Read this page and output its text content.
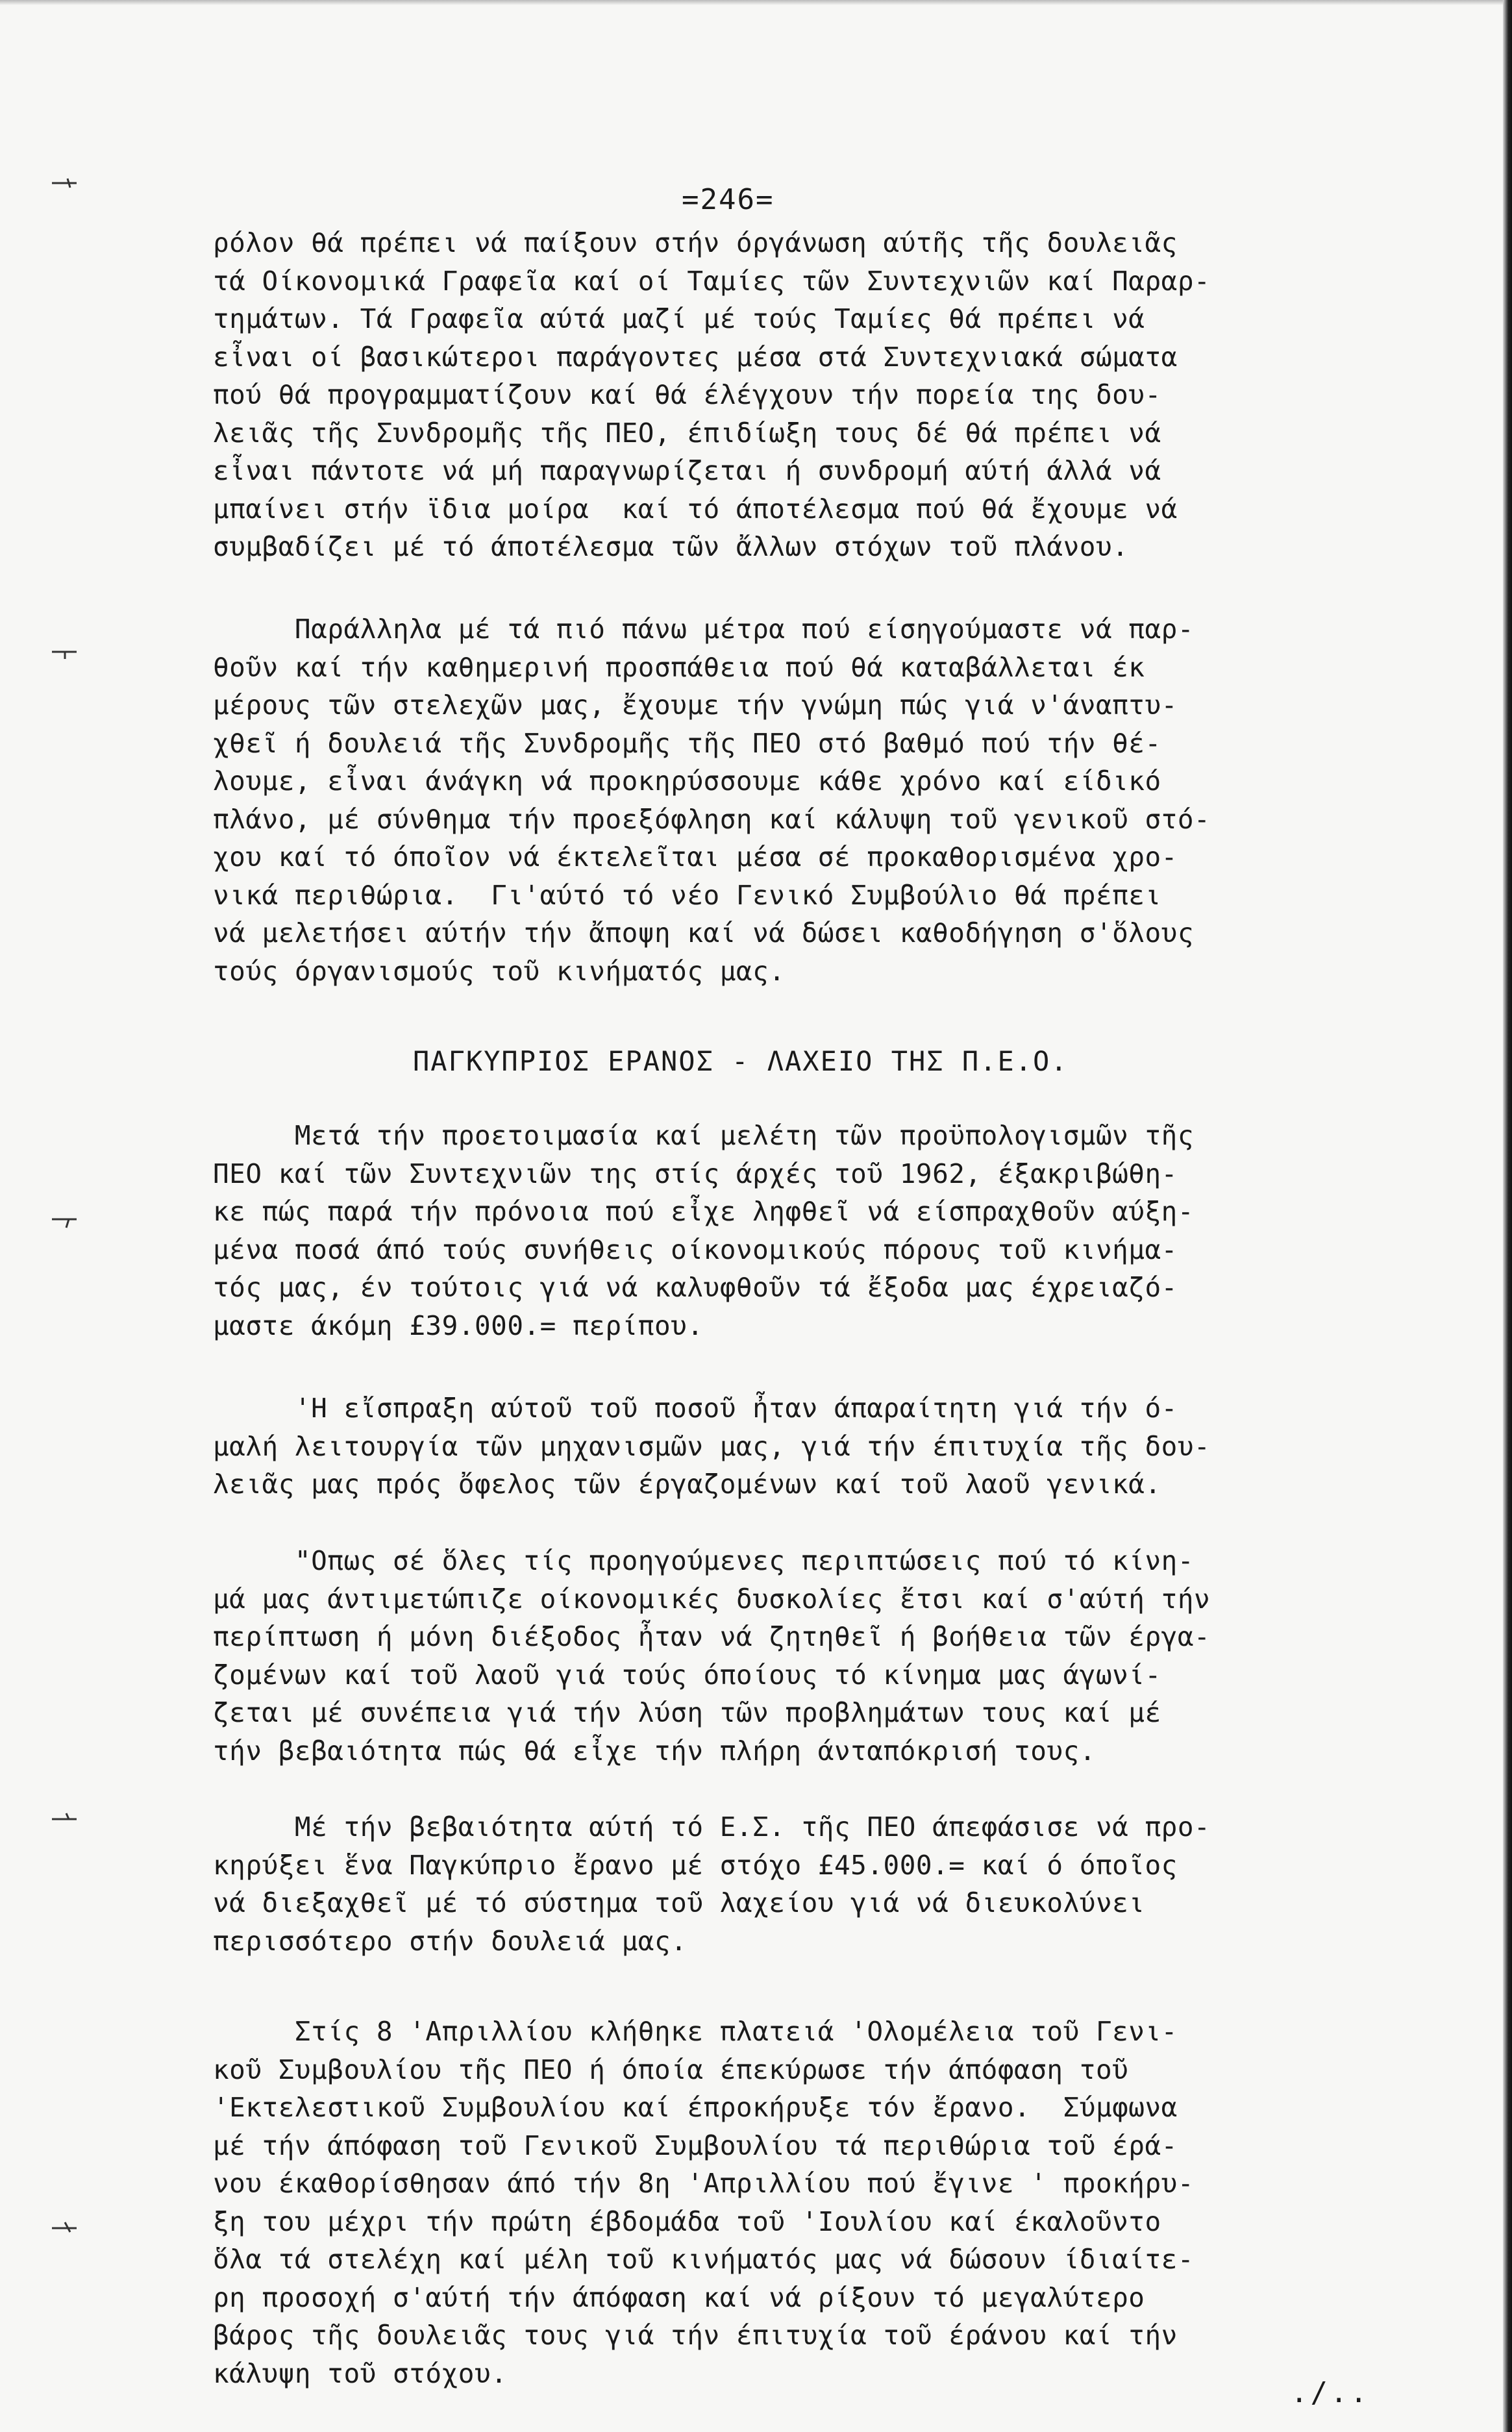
=246=

ρόλον θά πρέπει νά παίξουν στήν όργάνωση αύτῆς τῆς δουλειᾶς

τά Οίκονομικά Γραφεῖα καί οί Ταμίες τῶν Συντεχνιῶν καί Παραρ-

τημάτων. Τά Γραφεῖα αύτά μαζί μέ τούς Ταμίες θά πρέπει νά

εἶναι οί βασικώτεροι παράγοντες μέσα στά Συντεχνιακά σώματα

πού θά προγραμματίζουν καί θά έλέγχουν τήν πορεία της δου-

λειᾶς τῆς Συνδρομῆς τῆς ΠΕΟ, έπιδίωξη τους δέ θά πρέπει νά

εἶναι πάντοτε νά μή παραγνωρίζεται ή συνδρομή αύτή άλλά νά

μπαίνει στήν ϊδια μοίρα  καί τό άποτέλεσμα πού θά ἔχουμε νά

συμβαδίζει μέ τό άποτέλεσμα τῶν ἄλλων στόχων τοῦ πλάνου.

Παράλληλα μέ τά πιό πάνω μέτρα πού είσηγούμαστε νά παρ-

θοῦν καί τήν καθημερινή προσπάθεια πού θά καταβάλλεται έκ

μέρους τῶν στελεχῶν μας, ἔχουμε τήν γνώμη πώς γιά ν'άναπτυ-

χθεῖ ή δουλειά τῆς Συνδρομῆς τῆς ΠΕΟ στό βαθμό πού τήν θέ-

λουμε, εἶναι άνάγκη νά προκηρύσσουμε κάθε χρόνο καί είδικό

πλάνο, μέ σύνθημα τήν προεξόφληση καί κάλυψη τοῦ γενικοῦ στό-

χου καί τό όποῖον νά έκτελεῖται μέσα σέ προκαθορισμένα χρο-

νικά περιθώρια.  Γι'αύτό τό νέο Γενικό Συμβούλιο θά πρέπει

νά μελετήσει αύτήν τήν ἄποψη καί νά δώσει καθοδήγηση σ'ὅλους

τούς όργανισμούς τοῦ κινήματός μας.

ΠΑΓΚΥΠΡΙΟΣ ΕΡΑΝΟΣ - ΛΑΧΕΙΟ ΤΗΣ Π.Ε.Ο.

Μετά τήν προετοιμασία καί μελέτη τῶν προϋπολογισμῶν τῆς

ΠΕΟ καί τῶν Συντεχνιῶν της στίς άρχές τοῦ 1962, έξακριβώθη-

κε πώς παρά τήν πρόνοια πού εἶχε ληφθεῖ νά είσπραχθοῦν αύξη-

μένα ποσά άπό τούς συνήθεις οίκονομικούς πόρους τοῦ κινήμα-

τός μας, έν τούτοις γιά νά καλυφθοῦν τά ἔξοδα μας έχρειαζό-

μαστε άκόμη £39.000.= περίπου.

'Η εἴσπραξη αύτοῦ τοῦ ποσοῦ ἦταν άπαραίτητη γιά τήν ό-

μαλή λειτουργία τῶν μηχανισμῶν μας, γιά τήν έπιτυχία τῆς δου-

λειᾶς μας πρός ὄφελος τῶν έργαζομένων καί τοῦ λαοῦ γενικά.

"Οπως σέ ὅλες τίς προηγούμενες περιπτώσεις πού τό κίνη-

μά μας άντιμετώπιζε οίκονομικές δυσκολίες ἔτσι καί σ'αύτή τήν

περίπτωση ή μόνη διέξοδος ἦταν νά ζητηθεῖ ή βοήθεια τῶν έργα-

ζομένων καί τοῦ λαοῦ γιά τούς όποίους τό κίνημα μας άγωνί-

ζεται μέ συνέπεια γιά τήν λύση τῶν προβλημάτων τους καί μέ

τήν βεβαιότητα πώς θά εἶχε τήν πλήρη άνταπόκρισή τους.

Μέ τήν βεβαιότητα αύτή τό Ε.Σ. τῆς ΠΕΟ άπεφάσισε νά προ-

κηρύξει ἕνα Παγκύπριο ἔρανο μέ στόχο £45.000.= καί ό όποῖος

νά διεξαχθεῖ μέ τό σύστημα τοῦ λαχείου γιά νά διευκολύνει

περισσότερο στήν δουλειά μας.

Στίς 8 'Απριλλίου κλήθηκε πλατειά 'Ολομέλεια τοῦ Γενι-

κοῦ Συμβουλίου τῆς ΠΕΟ ή όποία έπεκύρωσε τήν άπόφαση τοῦ

'Εκτελεστικοῦ Συμβουλίου καί έπροκήρυξε τόν ἔρανο.  Σύμφωνα

μέ τήν άπόφαση τοῦ Γενικοῦ Συμβουλίου τά περιθώρια τοῦ έρά-

νου έκαθορίσθησαν άπό τήν 8η 'Απριλλίου πού ἔγινε ' προκήρυ-

ξη του μέχρι τήν πρώτη έβδομάδα τοῦ 'Ιουλίου καί έκαλοῦντο

ὅλα τά στελέχη καί μέλη τοῦ κινήματός μας νά δώσουν ίδιαίτε-

ρη προσοχή σ'αύτή τήν άπόφαση καί νά ρίξουν τό μεγαλύτερο

βάρος τῆς δουλειᾶς τους γιά τήν έπιτυχία τοῦ έράνου καί τήν

κάλυψη τοῦ στόχου.

./..
